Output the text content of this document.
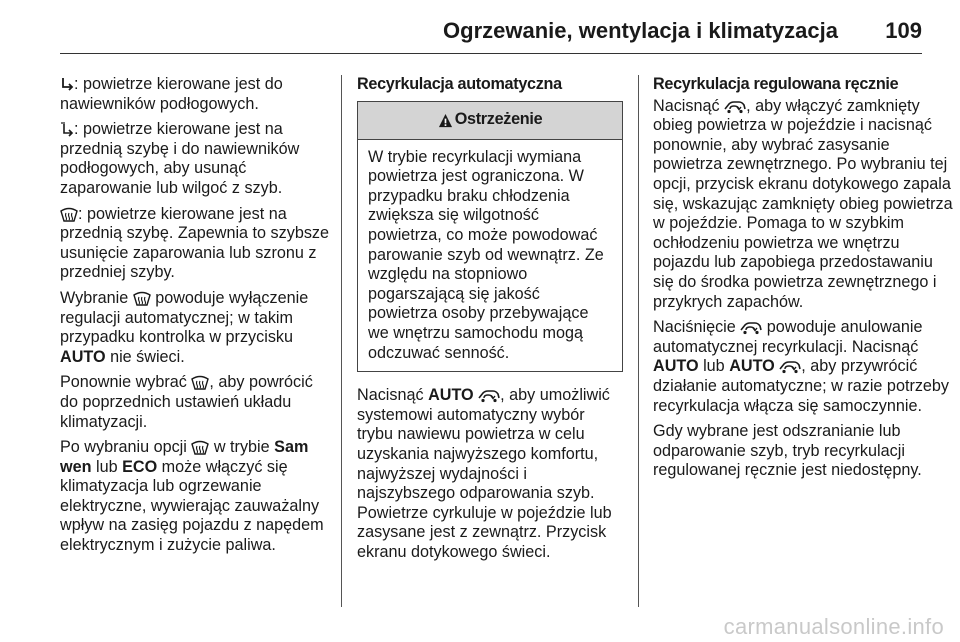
Ogrzewanie, wentylacja i klimatyzacja 109

: powietrze kierowane jest do nawiewników podłogowych.

: powietrze kierowane jest na przednią szybę i do nawiewników podłogowych, aby usunąć zaparowanie lub wilgoć z szyb.

: powietrze kierowane jest na przednią szybę. Zapewnia to szybsze usunięcie zaparowania lub szronu z przedniej szyby.

Wybranie  powoduje wyłączenie regulacji automatycznej; w takim przypadku kontrolka w przycisku AUTO nie świeci.

Ponownie wybrać , aby powrócić do poprzednich ustawień układu klimatyzacji.

Po wybraniu opcji  w trybie Sam wen lub ECO może włączyć się klimatyzacja lub ogrzewanie elektryczne, wywierając zauważalny wpływ na zasięg pojazdu z napędem elektrycznym i zużycie paliwa.

Recyrkulacja automatyczna
Ostrzeżenie
W trybie recyrkulacji wymiana powietrza jest ograniczona. W przypadku braku chłodzenia zwiększa się wilgotność powietrza, co może powodować parowanie szyb od wewnątrz. Ze względu na stopniowo pogarszającą się jakość powietrza osoby przebywające we wnętrzu samochodu mogą odczuwać senność.

Nacisnąć AUTO , aby umożliwić systemowi automatyczny wybór trybu nawiewu powietrza w celu uzyskania najwyższego komfortu, najwyższej wydajności i najszybszego odparowania szyb. Powietrze cyrkuluje w pojeździe lub zasysane jest z zewnątrz. Przycisk ekranu dotykowego świeci.

Recyrkulacja regulowana ręcznie

Nacisnąć , aby włączyć zamknięty obieg powietrza w pojeździe i nacisnąć ponownie, aby wybrać zasysanie powietrza zewnętrznego. Po wybraniu tej opcji, przycisk ekranu dotykowego zapala się, wskazując zamknięty obieg powietrza w pojeździe. Pomaga to w szybkim ochłodzeniu powietrza we wnętrzu pojazdu lub zapobiega przedostawaniu się do środka powietrza zewnętrznego i przykrych zapachów.

Naciśnięcie  powoduje anulowanie automatycznej recyrkulacji. Nacisnąć AUTO lub AUTO , aby przywrócić działanie automatyczne; w razie potrzeby recyrkulacja włącza się samoczynnie.

Gdy wybrane jest odszranianie lub odparowanie szyb, tryb recyrkulacji regulowanej ręcznie jest niedostępny.

carmanualsonline.info
